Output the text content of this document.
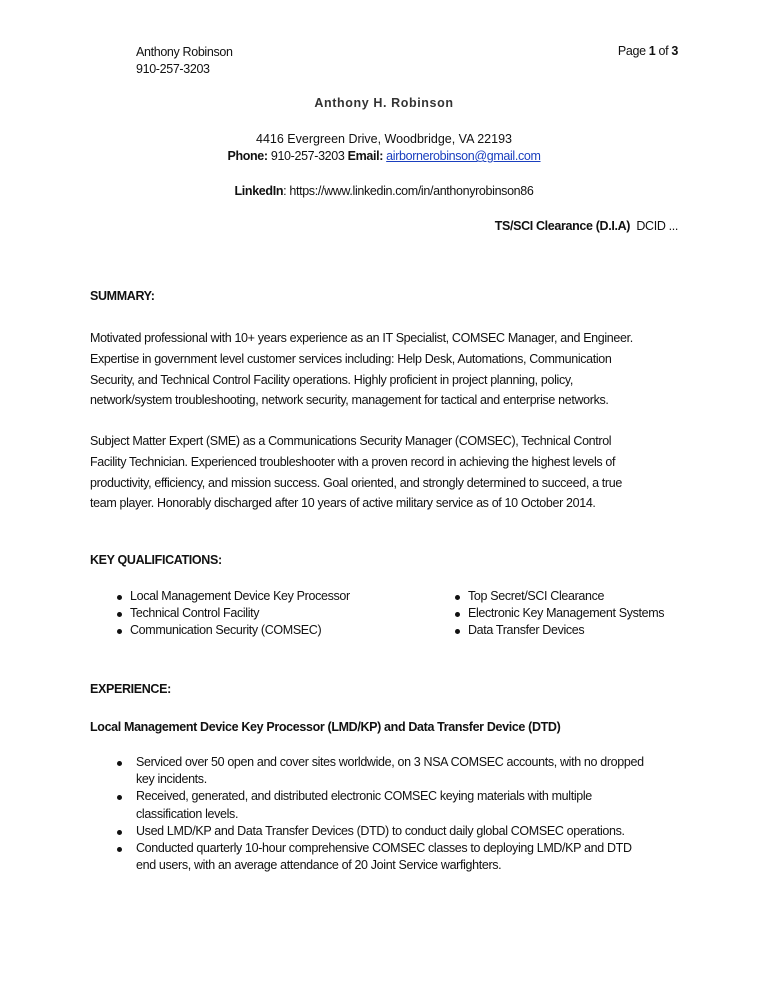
Anthony Robinson
910-257-3203
Page 1 of 3
Anthony H. Robinson
4416 Evergreen Drive, Woodbridge, VA 22193
Phone: 910-257-3203 Email: airbornerobinson@gmail.com
LinkedIn: https://www.linkedin.com/in/anthonyrobinson86
TS/SCI Clearance (D.I.A) DCID ...
SUMMARY:
Motivated professional with 10+ years experience as an IT Specialist, COMSEC Manager, and Engineer.
Expertise in government level customer services including: Help Desk, Automations, Communication
Security, and Technical Control Facility operations. Highly proficient in project planning, policy,
network/system troubleshooting, network security, management for tactical and enterprise networks.
Subject Matter Expert (SME) as a Communications Security Manager (COMSEC), Technical Control
Facility Technician. Experienced troubleshooter with a proven record in achieving the highest levels of
productivity, efficiency, and mission success. Goal oriented, and strongly determined to succeed, a true
team player. Honorably discharged after 10 years of active military service as of 10 October 2014.
KEY QUALIFICATIONS:
Local Management Device Key Processor
Technical Control Facility
Communication Security (COMSEC)
Top Secret/SCI Clearance
Electronic Key Management Systems
Data Transfer Devices
EXPERIENCE:
Local Management Device Key Processor (LMD/KP) and Data Transfer Device (DTD)
Serviced over 50 open and cover sites worldwide, on 3 NSA COMSEC accounts, with no dropped
key incidents.
Received, generated, and distributed electronic COMSEC keying materials with multiple
classification levels.
Used LMD/KP and Data Transfer Devices (DTD) to conduct daily global COMSEC operations.
Conducted quarterly 10-hour comprehensive COMSEC classes to deploying LMD/KP and DTD
end users, with an average attendance of 20 Joint Service warfighters.
